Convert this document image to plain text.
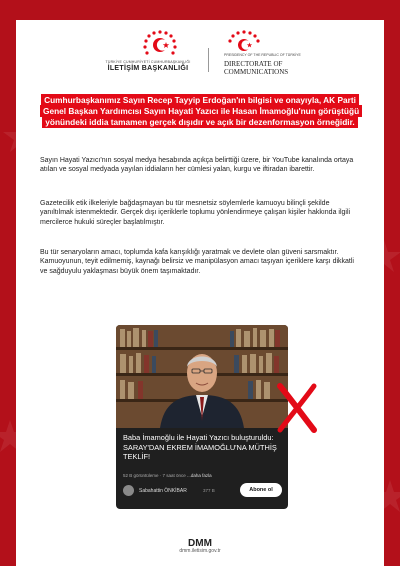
TÜRKİYE CUMHURİYETİ CUMHURBAŞKANLIĞI
İLETİŞİM BAŞKANLIĞI
PRESIDENCY OF THE REPUBLIC OF TÜRKİYE
DIRECTORATE OF
COMMUNICATIONS
Cumhurbaşkanımız Sayın Recep Tayyip Erdoğan'ın bilgisi ve onayıyla, AK Parti Genel Başkan Yardımcısı Sayın Hayati Yazıcı ile Hasan İmamoğlu'nun görüştüğü yönündeki iddia tamamen gerçek dışıdır ve açık bir dezenformasyon örneğidir.

Sayın Hayati Yazıcı'nın sosyal medya hesabında açıkça belirttiği üzere, bir YouTube kanalında ortaya atılan ve sosyal medyada yayılan iddiaların her cümlesi yalan, kurgu ve iftiradan ibarettir.

Gazetecilik etik ilkeleriyle bağdaşmayan bu tür mesnetsiz söylemlerle kamuoyu bilinçli şekilde yanıltılmak istenmektedir. Gerçek dışı içeriklerle toplumu yönlendirmeye çalışan kişiler hakkında ilgili mercilerce hukuki süreçler başlatılmıştır.

Bu tür senaryoların amacı, toplumda kafa karışıklığı yaratmak ve devlete olan güveni sarsmaktır. Kamuoyunun, teyit edilmemiş, kaynağı belirsiz ve manipülasyon amacı taşıyan içeriklere karşı dikkatli ve sağduyulu yaklaşması büyük önem taşımaktadır.

Baba İmamoğlu ile Hayati Yazıcı buluşturuldu: SARAY'DAN EKREM İMAMOĞLU'NA MÜTHİŞ TEKLİF!

52 B görüntüleme · 7 saat önce ...daha fazla
Sabahattin ÖNKİBAR	377 B	Abone ol
DMM
dmm.iletisim.gov.tr
